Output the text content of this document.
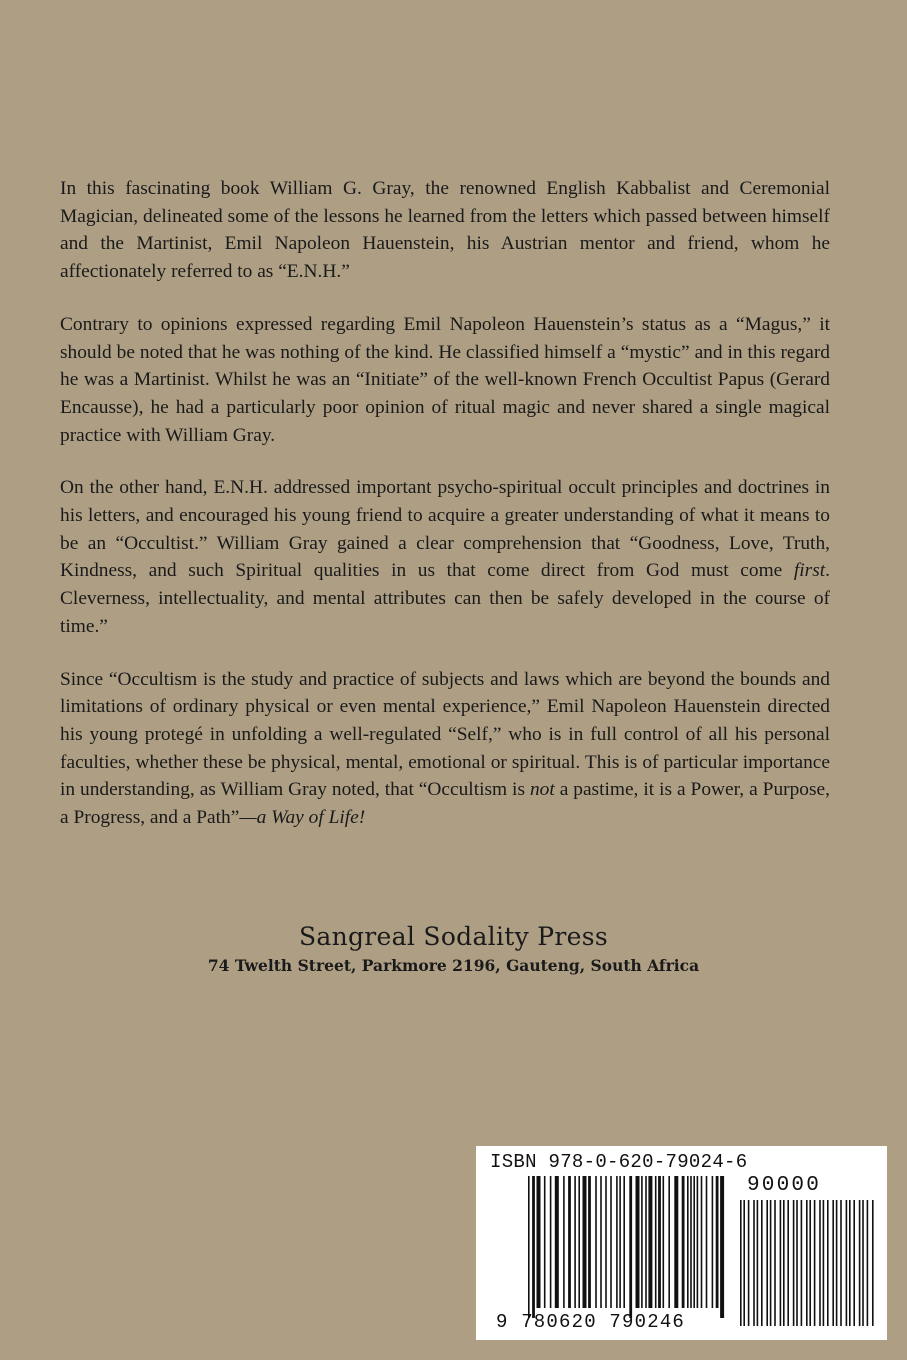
In this fascinating book William G. Gray, the renowned English Kabbalist and Ceremonial Magician, delineated some of the lessons he learned from the letters which passed between himself and the Martinist, Emil Napoleon Hauenstein, his Austrian mentor and friend, whom he affectionately referred to as “E.N.H.”

Contrary to opinions expressed regarding Emil Napoleon Hauenstein’s status as a “Magus,” it should be noted that he was nothing of the kind. He classified himself a “mystic” and in this regard he was a Martinist. Whilst he was an “Initiate” of the well-known French Occultist Papus (Gerard Encausse), he had a particularly poor opinion of ritual magic and never shared a single magical practice with William Gray.

On the other hand, E.N.H. addressed important psycho-spiritual occult principles and doctrines in his letters, and encouraged his young friend to acquire a greater understanding of what it means to be an “Occultist.” William Gray gained a clear comprehension that “Goodness, Love, Truth, Kindness, and such Spiritual qualities in us that come direct from God must come first. Cleverness, intellectuality, and mental attributes can then be safely developed in the course of time.”

Since “Occultism is the study and practice of subjects and laws which are beyond the bounds and limitations of ordinary physical or even mental experience,” Emil Napoleon Hauenstein directed his young protegé in unfolding a well-regulated “Self,” who is in full control of all his personal faculties, whether these be physical, mental, emotional or spiritual. This is of particular importance in understanding, as William Gray noted, that “Occultism is not a pastime, it is a Power, a Purpose, a Progress, and a Path”—a Way of Life!

Sangreal Sodality Press
74 Twelth Street, Parkmore 2196, Gauteng, South Africa
ISBN 978-0-620-79024-6
90000
9 780620 790246
